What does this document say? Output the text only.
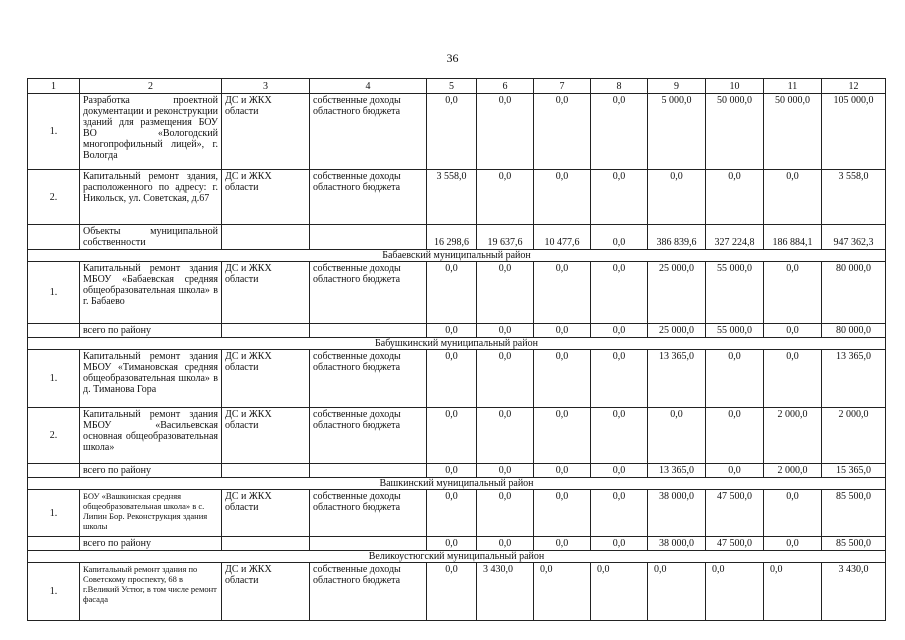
36
1	2	3	4	5	6	7	8	9	10	11	12
1.	Разработка проектной документации и реконструкции зданий для размещения БОУ ВО «Вологодский многопрофильный лицей», г. Вологда	ДС и ЖКХ области	собственные доходы областного бюджета	0,0	0,0	0,0	0,0	5 000,0	50 000,0	50 000,0	105 000,0
2.	Капитальный ремонт здания, расположенного по адресу: г. Никольск, ул. Советская, д.67	ДС и ЖКХ области	собственные доходы областного бюджета	3 558,0	0,0	0,0	0,0	0,0	0,0	0,0	3 558,0
	Объекты муниципальной собственности			16 298,6	19 637,6	10 477,6	0,0	386 839,6	327 224,8	186 884,1	947 362,3
Бабаевский муниципальный район											
1.	Капитальный ремонт здания МБОУ «Бабаевская средняя общеобразовательная школа» в г. Бабаево	ДС и ЖКХ области	собственные доходы областного бюджета	0,0	0,0	0,0	0,0	25 000,0	55 000,0	0,0	80 000,0
	всего по району			0,0	0,0	0,0	0,0	25 000,0	55 000,0	0,0	80 000,0
Бабушкинский муниципальный район											
1.	Капитальный ремонт здания МБОУ «Тимановская средняя общеобразовательная школа» в д. Тиманова Гора	ДС и ЖКХ области	собственные доходы областного бюджета	0,0	0,0	0,0	0,0	13 365,0	0,0	0,0	13 365,0
2.	Капитальный ремонт здания МБОУ «Васильевская основная общеобразовательная школа»	ДС и ЖКХ области	собственные доходы областного бюджета	0,0	0,0	0,0	0,0	0,0	0,0	2 000,0	2 000,0
	всего по району			0,0	0,0	0,0	0,0	13 365,0	0,0	2 000,0	15 365,0
Вашкинский муниципальный район											
1.	БОУ «Вашкинская средняя общеобразовательная школа» в с. Липин Бор. Реконструкция здания школы	ДС и ЖКХ области	собственные доходы областного бюджета	0,0	0,0	0,0	0,0	38 000,0	47 500,0	0,0	85 500,0
	всего по району			0,0	0,0	0,0	0,0	38 000,0	47 500,0	0,0	85 500,0
Великоустюгский муниципальный район											
1.	Капитальный ремонт здания по Советскому проспекту, 68 в г.Великий Устюг, в том числе ремонт фасада	ДС и ЖКХ области	собственные доходы областного бюджета	0,0	3 430,0	0,0	0,0	0,0	0,0	0,0	3 430,0
